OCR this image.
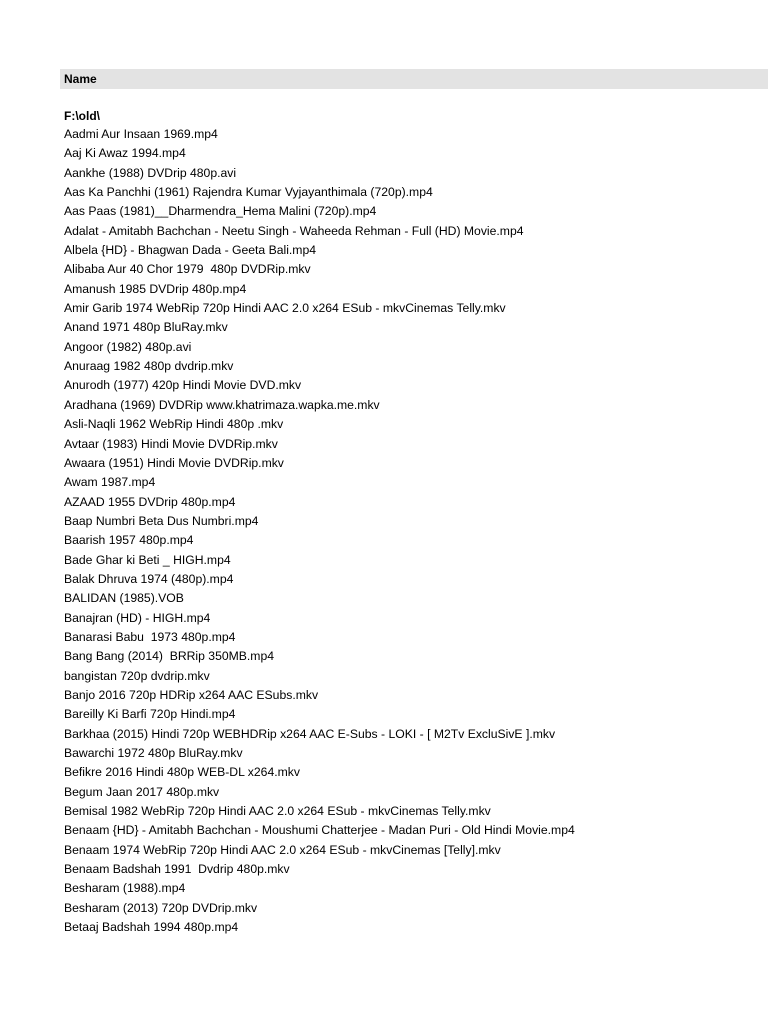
Name
F:\old\
Aadmi Aur Insaan 1969.mp4
Aaj Ki Awaz 1994.mp4
Aankhe (1988) DVDrip 480p.avi
Aas Ka Panchhi (1961) Rajendra Kumar Vyjayanthimala (720p).mp4
Aas Paas (1981)__Dharmendra_Hema Malini (720p).mp4
Adalat - Amitabh Bachchan - Neetu Singh - Waheeda Rehman - Full (HD) Movie.mp4
Albela {HD} - Bhagwan Dada - Geeta Bali.mp4
Alibaba Aur 40 Chor 1979  480p DVDRip.mkv
Amanush 1985 DVDrip 480p.mp4
Amir Garib 1974 WebRip 720p Hindi AAC 2.0 x264 ESub - mkvCinemas Telly.mkv
Anand 1971 480p BluRay.mkv
Angoor (1982) 480p.avi
Anuraag 1982 480p dvdrip.mkv
Anurodh (1977) 420p Hindi Movie DVD.mkv
Aradhana (1969) DVDRip www.khatrimaza.wapka.me.mkv
Asli-Naqli 1962 WebRip Hindi 480p .mkv
Avtaar (1983) Hindi Movie DVDRip.mkv
Awaara (1951) Hindi Movie DVDRip.mkv
Awam 1987.mp4
AZAAD 1955 DVDrip 480p.mp4
Baap Numbri Beta Dus Numbri.mp4
Baarish 1957 480p.mp4
Bade Ghar ki Beti _ HIGH.mp4
Balak Dhruva 1974 (480p).mp4
BALIDAN (1985).VOB
Banajran (HD) - HIGH.mp4
Banarasi Babu  1973 480p.mp4
Bang Bang (2014)  BRRip 350MB.mp4
bangistan 720p dvdrip.mkv
Banjo 2016 720p HDRip x264 AAC ESubs.mkv
Bareilly Ki Barfi 720p Hindi.mp4
Barkhaa (2015) Hindi 720p WEBHDRip x264 AAC E-Subs - LOKI - [ M2Tv ExcluSivE ].mkv
Bawarchi 1972 480p BluRay.mkv
Befikre 2016 Hindi 480p WEB-DL x264.mkv
Begum Jaan 2017 480p.mkv
Bemisal 1982 WebRip 720p Hindi AAC 2.0 x264 ESub - mkvCinemas Telly.mkv
Benaam {HD} - Amitabh Bachchan - Moushumi Chatterjee - Madan Puri - Old Hindi Movie.mp4
Benaam 1974 WebRip 720p Hindi AAC 2.0 x264 ESub - mkvCinemas [Telly].mkv
Benaam Badshah 1991  Dvdrip 480p.mkv
Besharam (1988).mp4
Besharam (2013) 720p DVDrip.mkv
Betaaj Badshah 1994 480p.mp4
